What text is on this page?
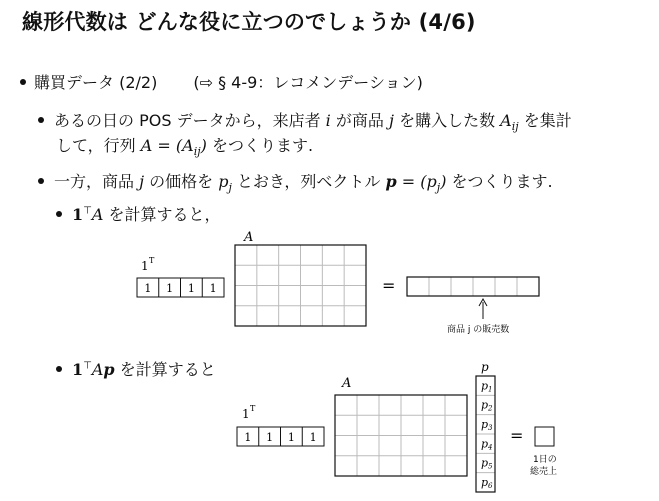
線形代数は どんな役に立つのでしょうか (4/6)
購買データ (2/2) (⇨ § 4-9：レコメンデーション)
あるの日の POS データから，来店者 i が商品 j を購入した数 $A_{ij}$ を集計
して，行列 $A = (A_{ij})$ をつくります.
一方，商品 j の価格を $p_j$ とおき，列ベクトル $p = (p_j)$ をつくります.
1⊤A を計算すると，
A
1 T
1 1 1 1	=
商品 j の販売数
A
1 T
1 1 1 1
p
p1
p2
p3
p4
p5
p6
=
1日の
総売上
1⊤Ap を計算すると
